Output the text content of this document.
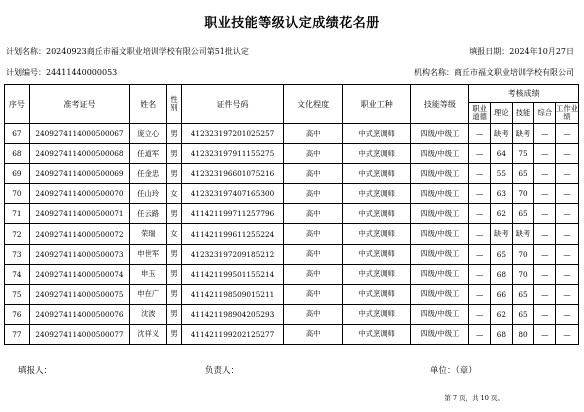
职业技能等级认定成绩花名册
计划名称：20240923商丘市福文职业培训学校有限公司第51批认定	填报日期：2024年10月27日
计划编号：24411440000053	机构名称：商丘市福文职业培训学校有限公司
序号	准考证号	姓名	性别	证件号码	文化程度	职业工种	技能等级	考核成绩				
								职业道德	理论	技能	综合	工作业绩
67	2409274114000500067	庞立心	男	412323197201025257	高中	中式烹调师	四级/中级工	—	缺考	缺考	—	—
68	2409274114000500068	任道军	男	412323197911155275	高中	中式烹调师	四级/中级工	—	64	75	—	—
69	2409274114000500069	任金忠	男	412323196601075216	高中	中式烹调师	四级/中级工	—	55	65	—	—
70	2409274114000500070	任山玲	女	412323197407165300	高中	中式烹调师	四级/中级工	—	63	70	—	—
71	2409274114000500071	任云路	男	411421199711257796	高中	中式烹调师	四级/中级工	—	62	65	—	—
72	2409274114000500072	荣瑞	女	411421199611255224	高中	中式烹调师	四级/中级工	—	缺考	缺考	—	—
73	2409274114000500073	申世军	男	412323197209185212	高中	中式烹调师	四级/中级工	—	65	70	—	—
74	2409274114000500074	申玉	男	411421199501155214	高中	中式烹调师	四级/中级工	—	68	70	—	—
75	2409274114000500075	申在广	男	411421198509015211	高中	中式烹调师	四级/中级工	—	66	65	—	—
76	2409274114000500076	沈波	男	411421198904205293	高中	中式烹调师	四级/中级工	—	62	65	—	—
77	2409274114000500077	沈祥义	男	411421199202125277	高中	中式烹调师	四级/中级工	—	68	80	—	—
填报人：	负责人：	单位：（章）
第 7 页，共 10 页。
